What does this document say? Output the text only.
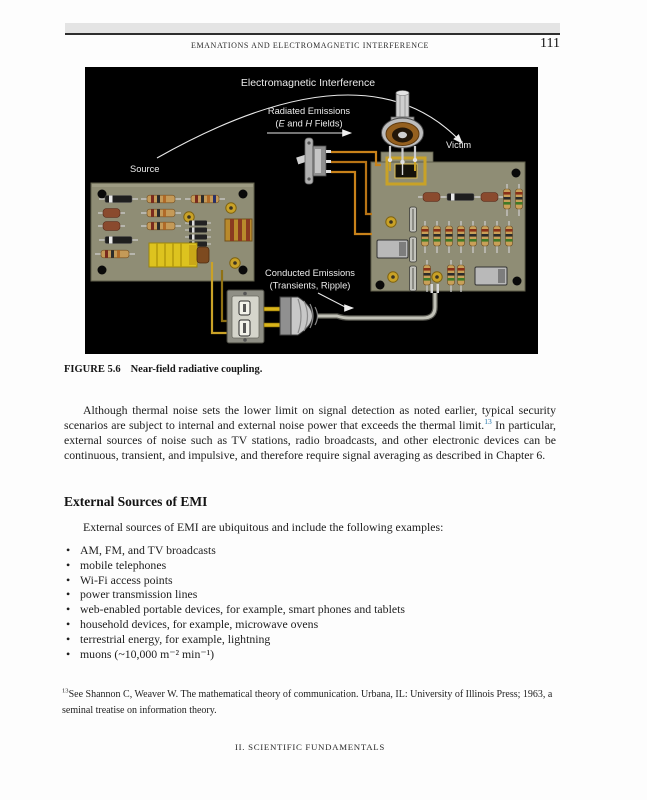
EMANATIONS AND ELECTROMAGNETIC INTERFERENCE	111
Electromagnetic Interference
Radiated Emissions
(E and H Fields)
Source
Victim
Conducted Emissions
(Transients, Ripple)
FIGURE 5.6 Near-field radiative coupling.

Although thermal noise sets the lower limit on signal detection as noted earlier, typical security scenarios are subject to internal and external noise power that exceeds the thermal limit.$^{13}$ In particular, external sources of noise such as TV stations, radio broadcasts, and other electronic devices can be continuous, transient, and impulsive, and therefore require signal averaging as described in Chapter 6.

External Sources of EMI

External sources of EMI are ubiquitous and include the following examples:

• AM, FM, and TV broadcasts
• mobile telephones
• Wi-Fi access points
• power transmission lines
• web-enabled portable devices, for example, smart phones and tablets
• household devices, for example, microwave ovens
• terrestrial energy, for example, lightning
• muons (~10,000 m⁻² min⁻¹)
$^{13}$See Shannon C, Weaver W. The mathematical theory of communication. Urbana, IL: University of Illinois Press; 1963, a seminal treatise on information theory.
II. SCIENTIFIC FUNDAMENTALS
